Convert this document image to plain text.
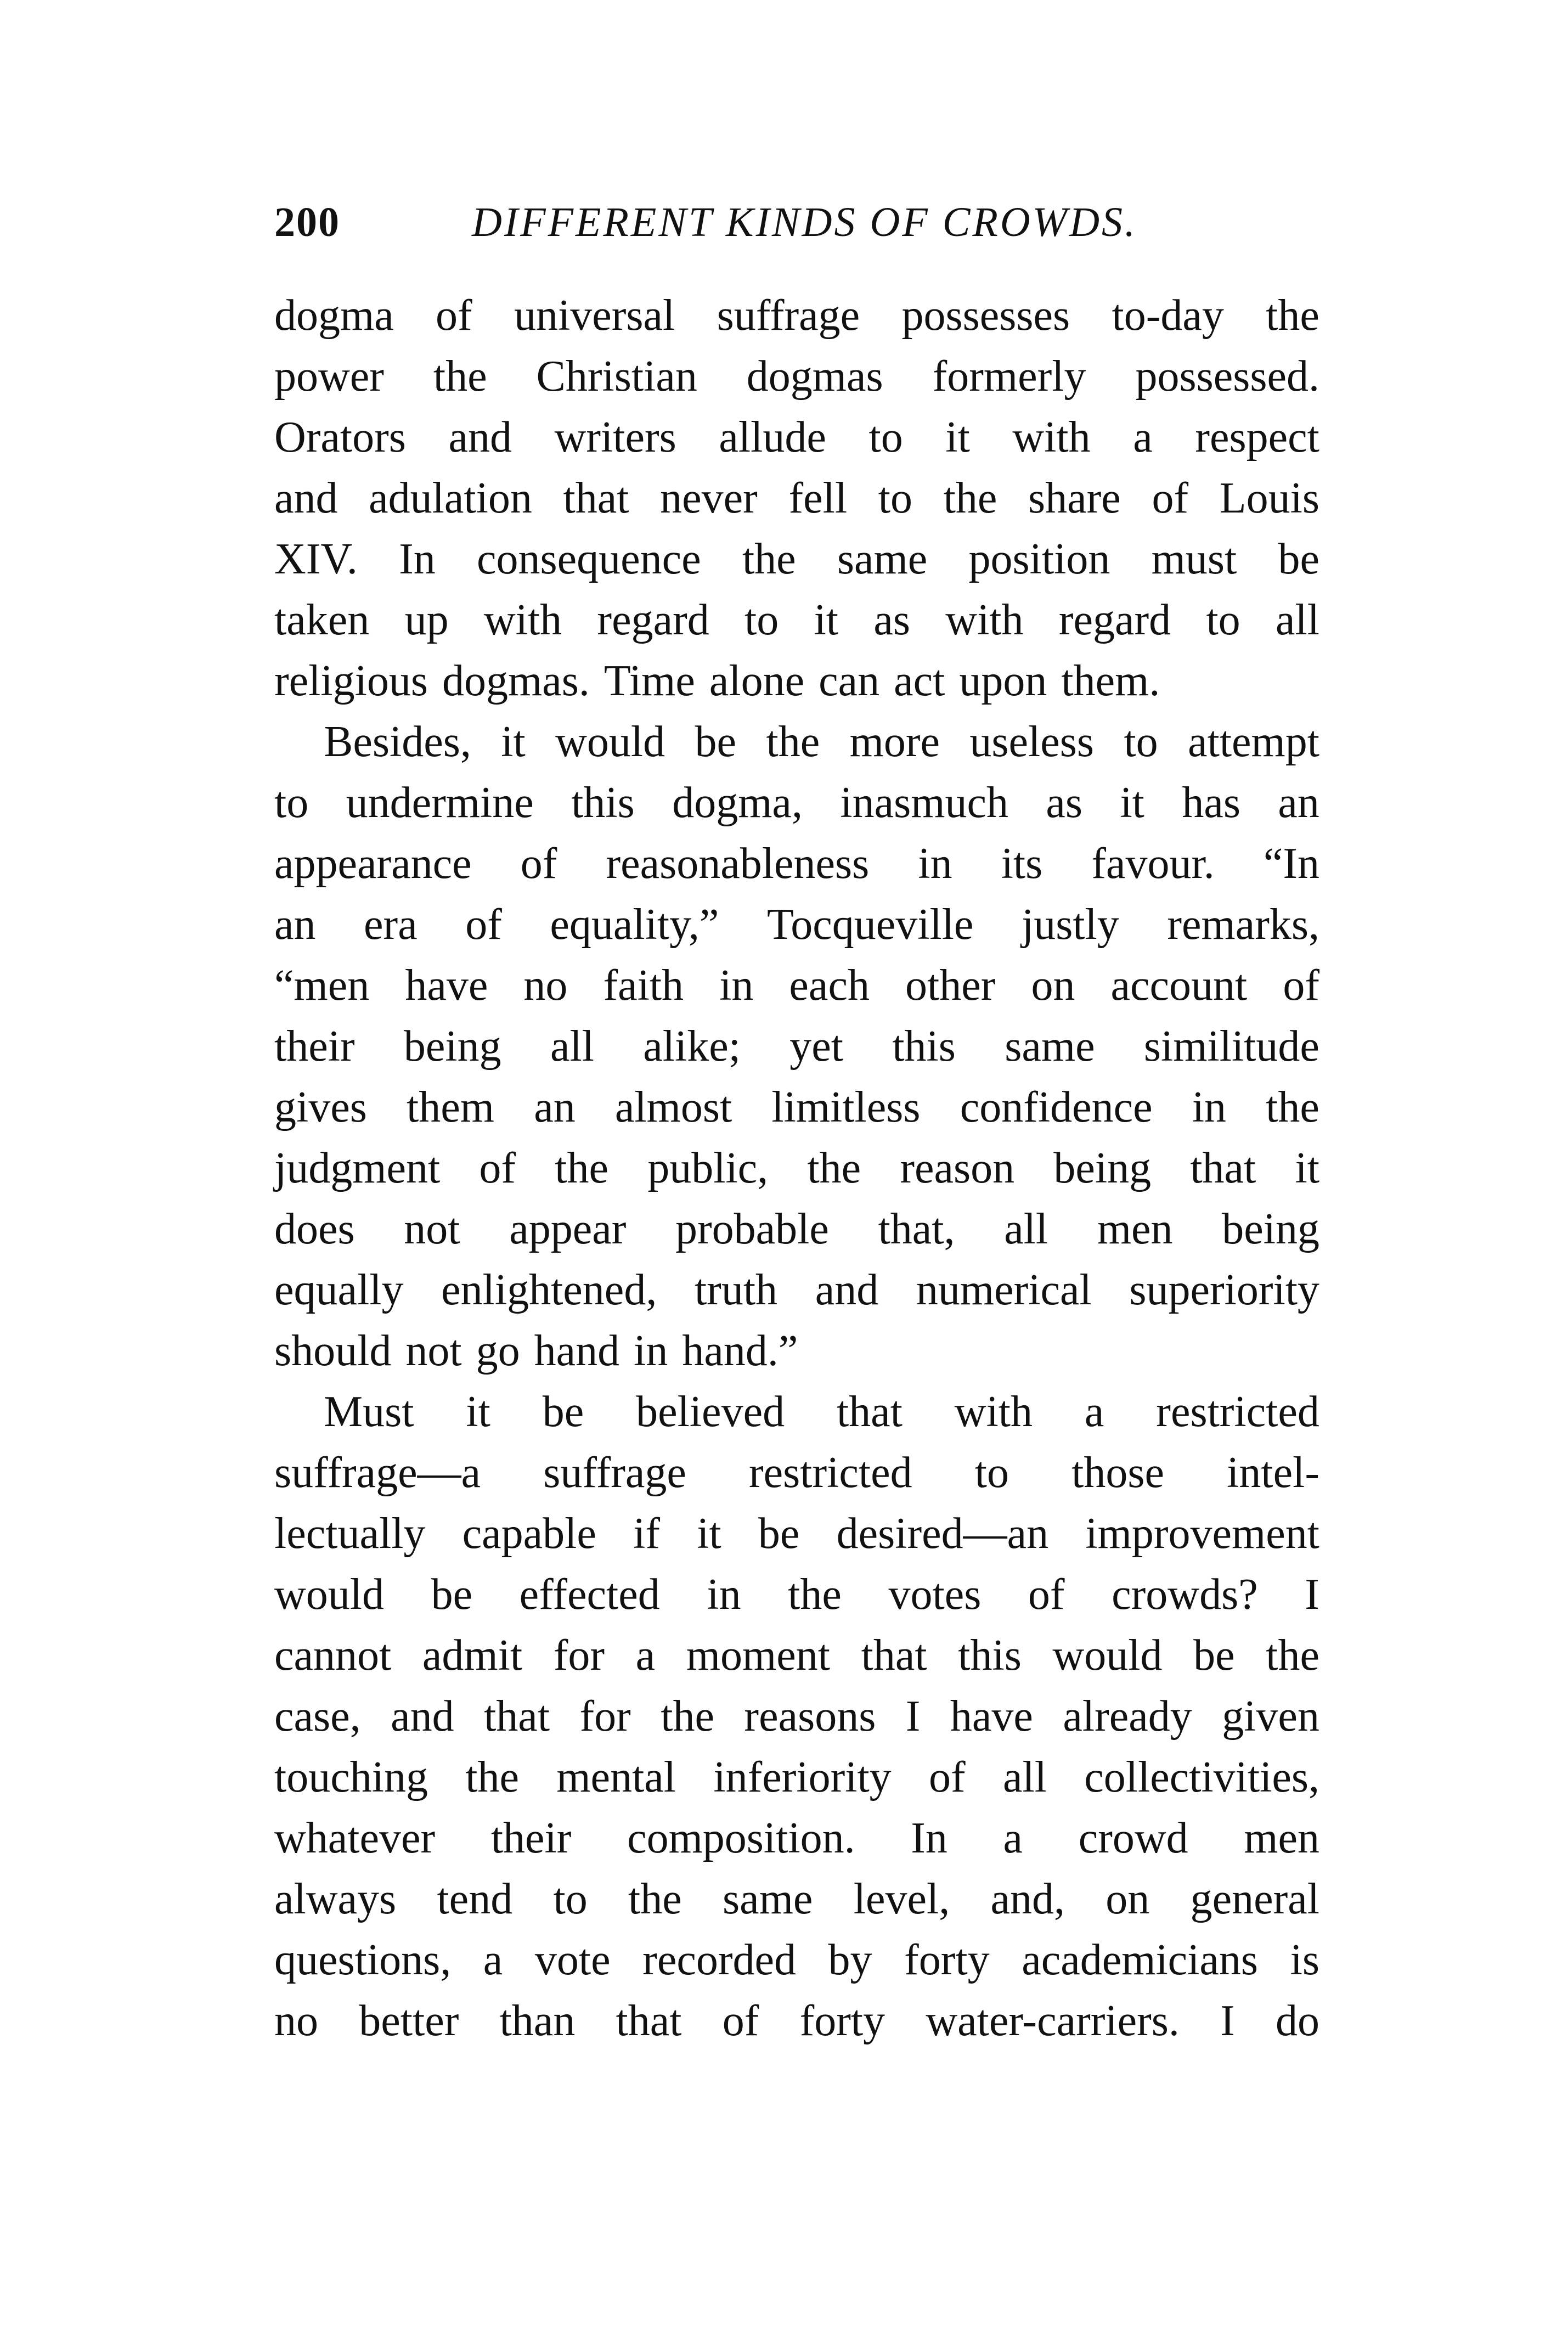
200	DIFFERENT KINDS OF CROWDS.
dogma of universal suffrage possesses to-day the
power the Christian dogmas formerly possessed.
Orators and writers allude to it with a respect
and adulation that never fell to the share of Louis
XIV. In consequence the same position must be
taken up with regard to it as with regard to all
religious dogmas. Time alone can act upon them.
Besides, it would be the more useless to attempt
to undermine this dogma, inasmuch as it has an
appearance of reasonableness in its favour. “In
an era of equality,” Tocqueville justly remarks,
“men have no faith in each other on account of
their being all alike; yet this same similitude
gives them an almost limitless confidence in the
judgment of the public, the reason being that it
does not appear probable that, all men being
equally enlightened, truth and numerical superiority
should not go hand in hand.”
Must it be believed that with a restricted
suffrage—a suffrage restricted to those intel-
lectually capable if it be desired—an improvement
would be effected in the votes of crowds? I
cannot admit for a moment that this would be the
case, and that for the reasons I have already given
touching the mental inferiority of all collectivities,
whatever their composition. In a crowd men
always tend to the same level, and, on general
questions, a vote recorded by forty academicians is
no better than that of forty water-carriers. I do
